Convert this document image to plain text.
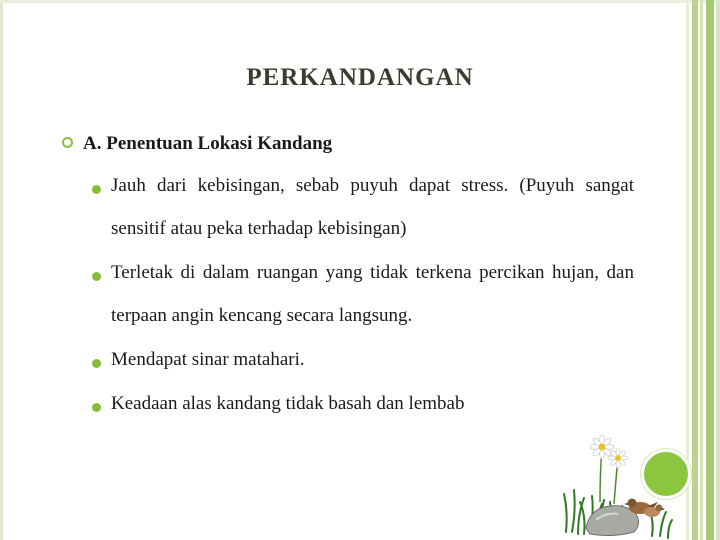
PERKANDANGAN
A. Penentuan Lokasi Kandang
Jauh dari kebisingan, sebab puyuh dapat stress. (Puyuh sangat sensitif atau peka terhadap kebisingan)
Terletak di dalam ruangan yang tidak terkena percikan hujan, dan terpaan angin kencang secara langsung.
Mendapat sinar matahari.
Keadaan alas kandang tidak basah dan lembab
